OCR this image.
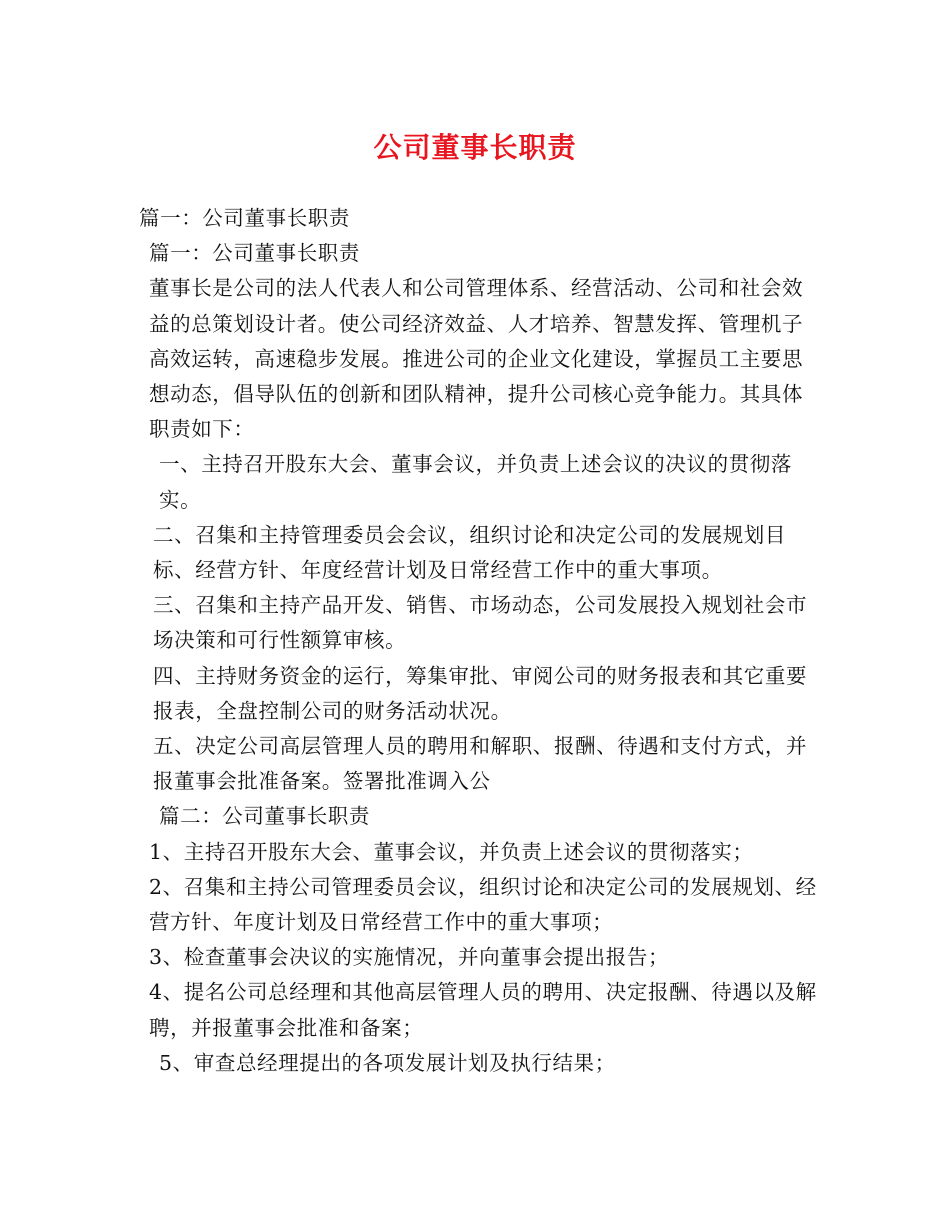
公司董事长职责

篇一：公司董事长职责

篇一：公司董事长职责

董事长是公司的法人代表人和公司管理体系、经营活动、公司和社会效益的总策划设计者。使公司经济效益、人才培养、智慧发挥、管理机子高效运转，高速稳步发展。推进公司的企业文化建设，掌握员工主要思想动态，倡导队伍的创新和团队精神，提升公司核心竞争能力。其具体职责如下：

一、主持召开股东大会、董事会议，并负责上述会议的决议的贯彻落实。

二、召集和主持管理委员会会议，组织讨论和决定公司的发展规划目标、经营方针、年度经营计划及日常经营工作中的重大事项。

三、召集和主持产品开发、销售、市场动态，公司发展投入规划社会市场决策和可行性额算审核。

四、主持财务资金的运行，筹集审批、审阅公司的财务报表和其它重要报表，全盘控制公司的财务活动状况。

五、决定公司高层管理人员的聘用和解职、报酬、待遇和支付方式，并报董事会批准备案。签署批准调入公

篇二：公司董事长职责

1、主持召开股东大会、董事会议，并负责上述会议的贯彻落实；

2、召集和主持公司管理委员会议，组织讨论和决定公司的发展规划、经营方针、年度计划及日常经营工作中的重大事项；

3、检查董事会决议的实施情况，并向董事会提出报告；

4、提名公司总经理和其他高层管理人员的聘用、决定报酬、待遇以及解聘，并报董事会批准和备案；

5、审查总经理提出的各项发展计划及执行结果；
